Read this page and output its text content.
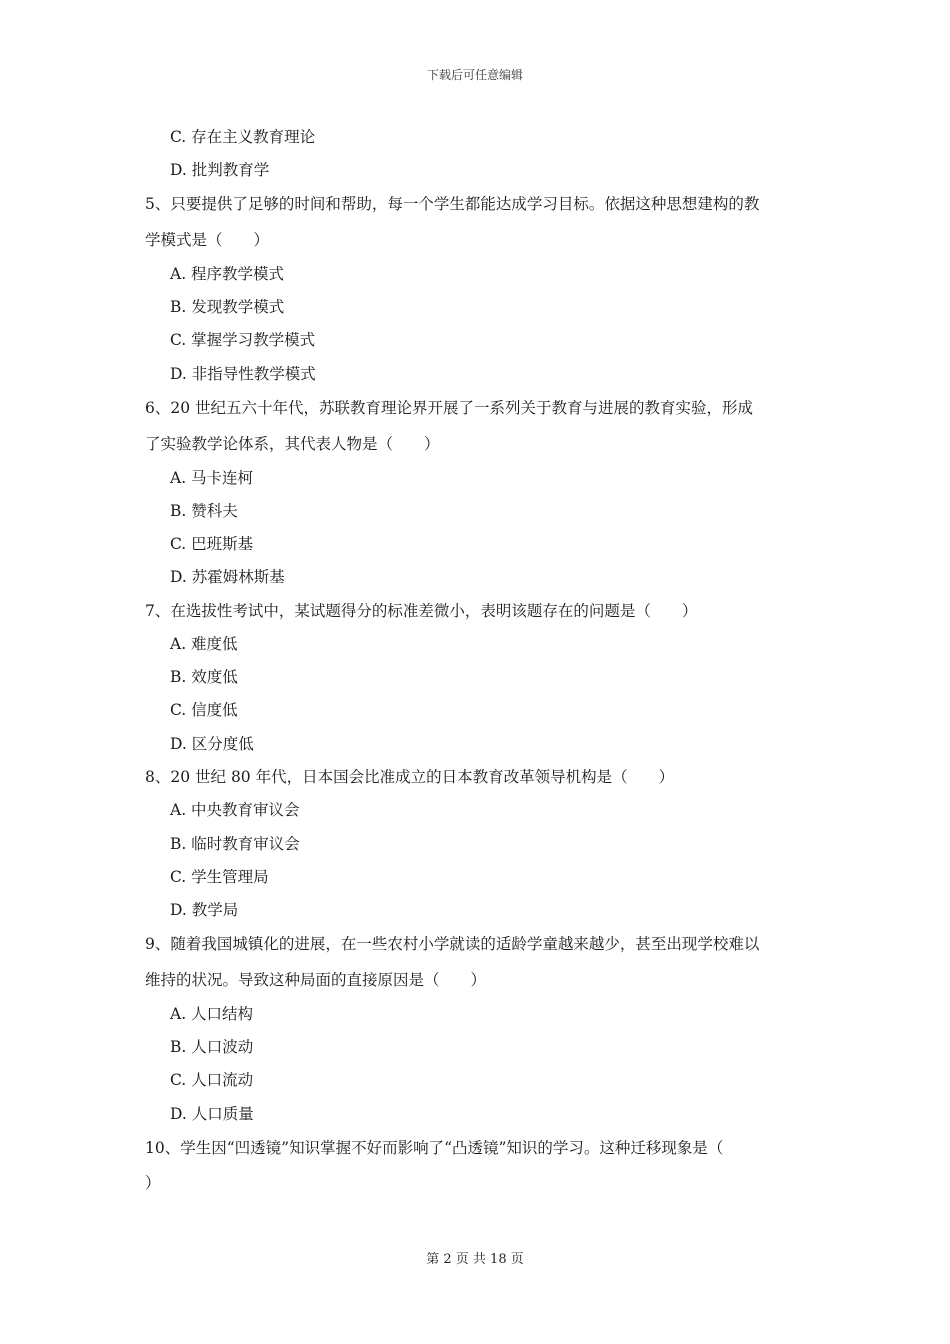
下载后可任意编辑
C. 存在主义教育理论
D. 批判教育学
5、只要提供了足够的时间和帮助，每一个学生都能达成学习目标。依据这种思想建构的教
学模式是（　　）
A. 程序教学模式
B. 发现教学模式
C. 掌握学习教学模式
D. 非指导性教学模式
6、20 世纪五六十年代，苏联教育理论界开展了一系列关于教育与进展的教育实验，形成
了实验教学论体系，其代表人物是（　　）
A. 马卡连柯
B. 赞科夫
C. 巴班斯基
D. 苏霍姆林斯基
7、在选拔性考试中，某试题得分的标准差微小，表明该题存在的问题是（　　）
A. 难度低
B. 效度低
C. 信度低
D. 区分度低
8、20 世纪 80 年代，日本国会比准成立的日本教育改革领导机构是（　　）
A. 中央教育审议会
B. 临时教育审议会
C. 学生管理局
D. 教学局
9、随着我国城镇化的进展，在一些农村小学就读的适龄学童越来越少，甚至出现学校难以
维持的状况。导致这种局面的直接原因是（　　）
A. 人口结构
B. 人口波动
C. 人口流动
D. 人口质量
10、学生因“凹透镜”知识掌握不好而影响了“凸透镜”知识的学习。这种迁移现象是（
）
第 2 页 共 18 页
